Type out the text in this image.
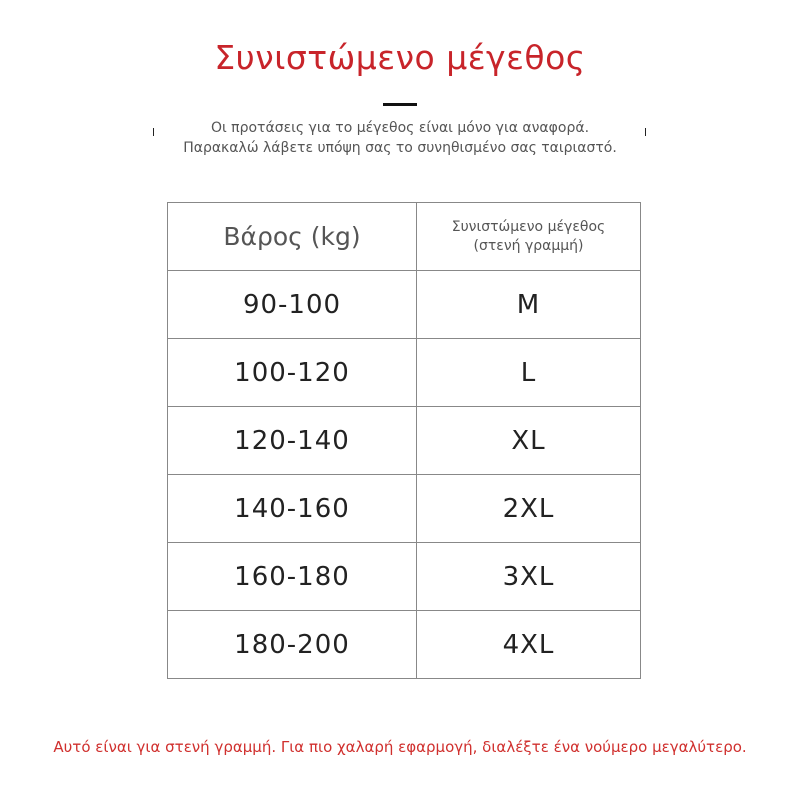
Συνιστώμενο μέγεθος
Οι προτάσεις για το μέγεθος είναι μόνο για αναφορά.
Παρακαλώ λάβετε υπόψη σας το συνηθισμένο σας ταιριαστό.
Βάρος (kg)	Συνιστώμενο μέγεθος
(στενή γραμμή)

90-100	M
100-120	L
120-140	XL
140-160	2XL
160-180	3XL
180-200	4XL
Αυτό είναι για στενή γραμμή. Για πιο χαλαρή εφαρμογή, διαλέξτε ένα νούμερο μεγαλύτερο.
